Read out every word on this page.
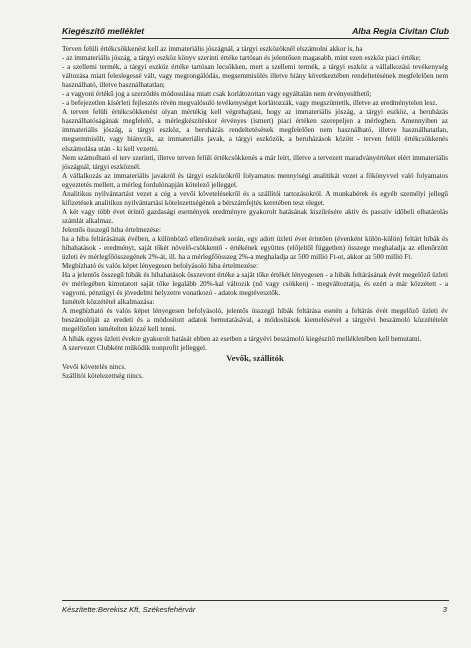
Kiegészítő melléklet	Alba Regia Civitan Club

Terven felüli értékcsökkenést kell az immateriális jószágnál, a tárgyi eszközöknél elszámolni akkor is, ha

- az immateriális jószág, a tárgyi eszköz könyv szerinti értéke tartósan és jelentősen magasabb, mint ezen eszköz piaci értéke;

- a szellemi termék, a tárgyi eszköz értéke tartósan lecsökken, mert a szellemi termék, a tárgyi eszköz a vállalkozási tevékenység változása miatt feleslegessé vált, vagy megrongálódás, megsemmisülés illetve hiány következtében rendeltetésének megfelelően nem használható, illetve használhatatlan;

- a vagyoni értékű jog a szerződés módosulása miatt csak korlátozottan vagy egyáltalán nem érvényesíthető;

- a befejezetlen kísérleti fejlesztés révén megvalósuló tevékenységet korlátozzák, vagy megszüntetik, illetve az eredménytelen lesz.

A terven felüli értékcsökkenést olyan mértékig kell végrehajtani, hogy az immateriális jószág, a tárgyi eszköz, a beruházás használhatóságának megfelelő, a mérlegkészítéskor érvényes (ismert) piaci értéken szerepeljen a mérlegben. Amennyiben az immateriális jószág, a tárgyi eszköz, a beruházás rendeltetésének megfelelően nem használható, illetve használhatatlan, megsemmisült, vagy hiányzik, az immateriális javak, a tárgyi eszközök, a beruházások között - terven felüli értékcsökkenés elszámolása után - ki kell vezetni.

Nem számolható el terv szerinti, illetve terven felüli értékcsökkenés a már leírt, illetve a tervezett maradványértéket elért immateriális jószágnál, tárgyi eszköznél.

A vállalkozás az immateriális javakról és tárgyi eszközökről folyamatos mennyiségi analitikát vezet a főkönyvvel való folyamatos egyeztetés mellett, a mérleg fordulónapján kötelező jelleggel.

Analitikus nyilvántartást vezet a cég a vevői követelésekről és a szállítói tartozásokról. A munkabérek és egyéb személyi jellegű kifizetések analitikus nyilvántartási kötelezettségének a bérszámfejtés keretében tesz eleget.

A két vagy több évet érintő gazdasági események eredményre gyakorolt hatásának kiszűrésére aktív és passzív időbeli elhatárolás számlát alkalmaz.

Jelentős összegű hiba értelmezése:

ha a hiba feltárásának évében, a különböző ellenőrzések során, egy adott üzleti évet érintően (évenként külön-külön) feltárt hibák és hibahatások - eredményt, saját tőkét növelő-csökkentő - értékének együttes (előjeltől független) összege meghaladja az ellenőrzött üzleti év mérlegfőösszegének 2%-át, ill. ha a mérlegfőösszeg 2%-a meghaladja az 500 millió Ft-ot, akkor az 500 millió Ft.

Megbízható és valós képet lényegesen befolyásoló hiba értelmezése:

Ha a jelentős összegű hibák és hibahatások összevont értéke a saját tőke értékét lényegesen - a hibák feltárásának évét megelőző üzleti év mérlegében kimutatott saját tőke legalább 20%-kal változik (nő vagy csökken) - megváltoztatja, és ezért a már közzétett - a vagyoni, pénzügyi és jövedelmi helyzetre vonatkozó - adatok megtévesztők.

Ismételt közzététel alkalmazása:

A megbízható és valós képet lényegesen befolyásoló, jelentős összegű hibák feltárása esetén a feltárás évét megelőző üzleti év beszámolóját az eredeti és a módosított adatok bemutatásával, a módosítások kiemelésével a tárgyévi beszámoló közzétételét megelőzően ismételten közzé kell tenni.

A hibák egyes üzleti évekre gyakorolt hatását ebben az esetben a tárgyévi beszámoló kiegészítő mellékletében kell bemutatni.

A szervezet Clubként működik nonprofit jelleggel.

Vevők, szállítók

Vevői követelés nincs.

Szállítói kötelezettség nincs.

Készítette:Berekisz Kft, Székesfehérvár	3
